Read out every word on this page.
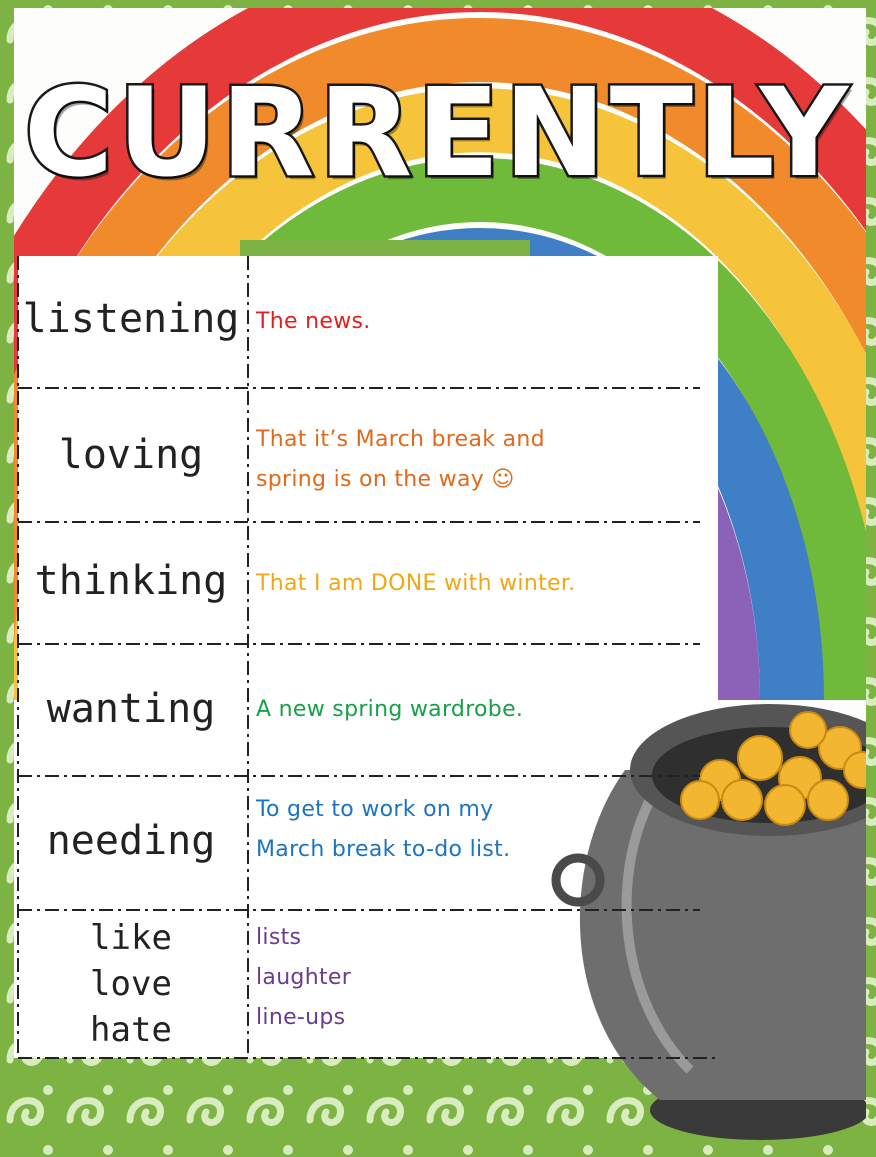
CURRENTLY
listening
loving
thinking
wanting
needing
like
love
hate
The news.
That it’s March break and
spring is on the way ☺
That I am DONE with winter.
A new spring wardrobe.
To get to work on my
March break to-do list.
lists
laughter
line-ups
